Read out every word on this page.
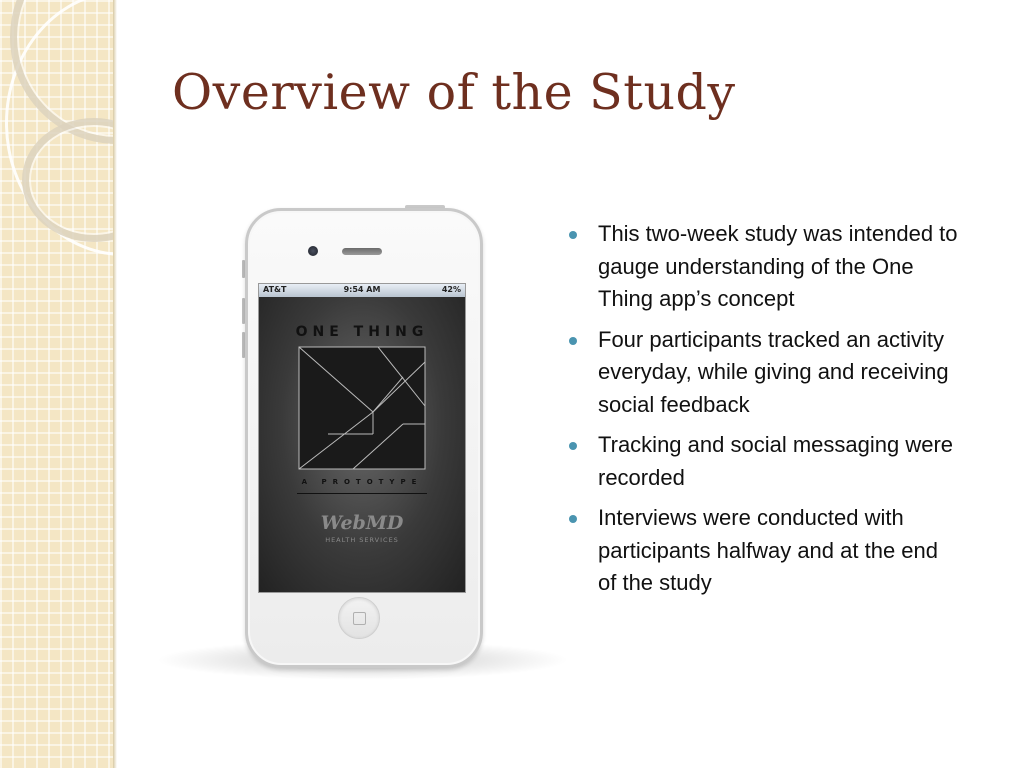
Overview of the Study
AT&T	9:54 AM	42%
ONE THING
A PROTOTYPE
WebMD
HEALTH SERVICES
This two-week study was intended to gauge understanding of the One Thing app’s concept
Four participants tracked an activity everyday, while giving and receiving social feedback
Tracking and social messaging were recorded
Interviews were conducted with participants halfway and at the end of the study
